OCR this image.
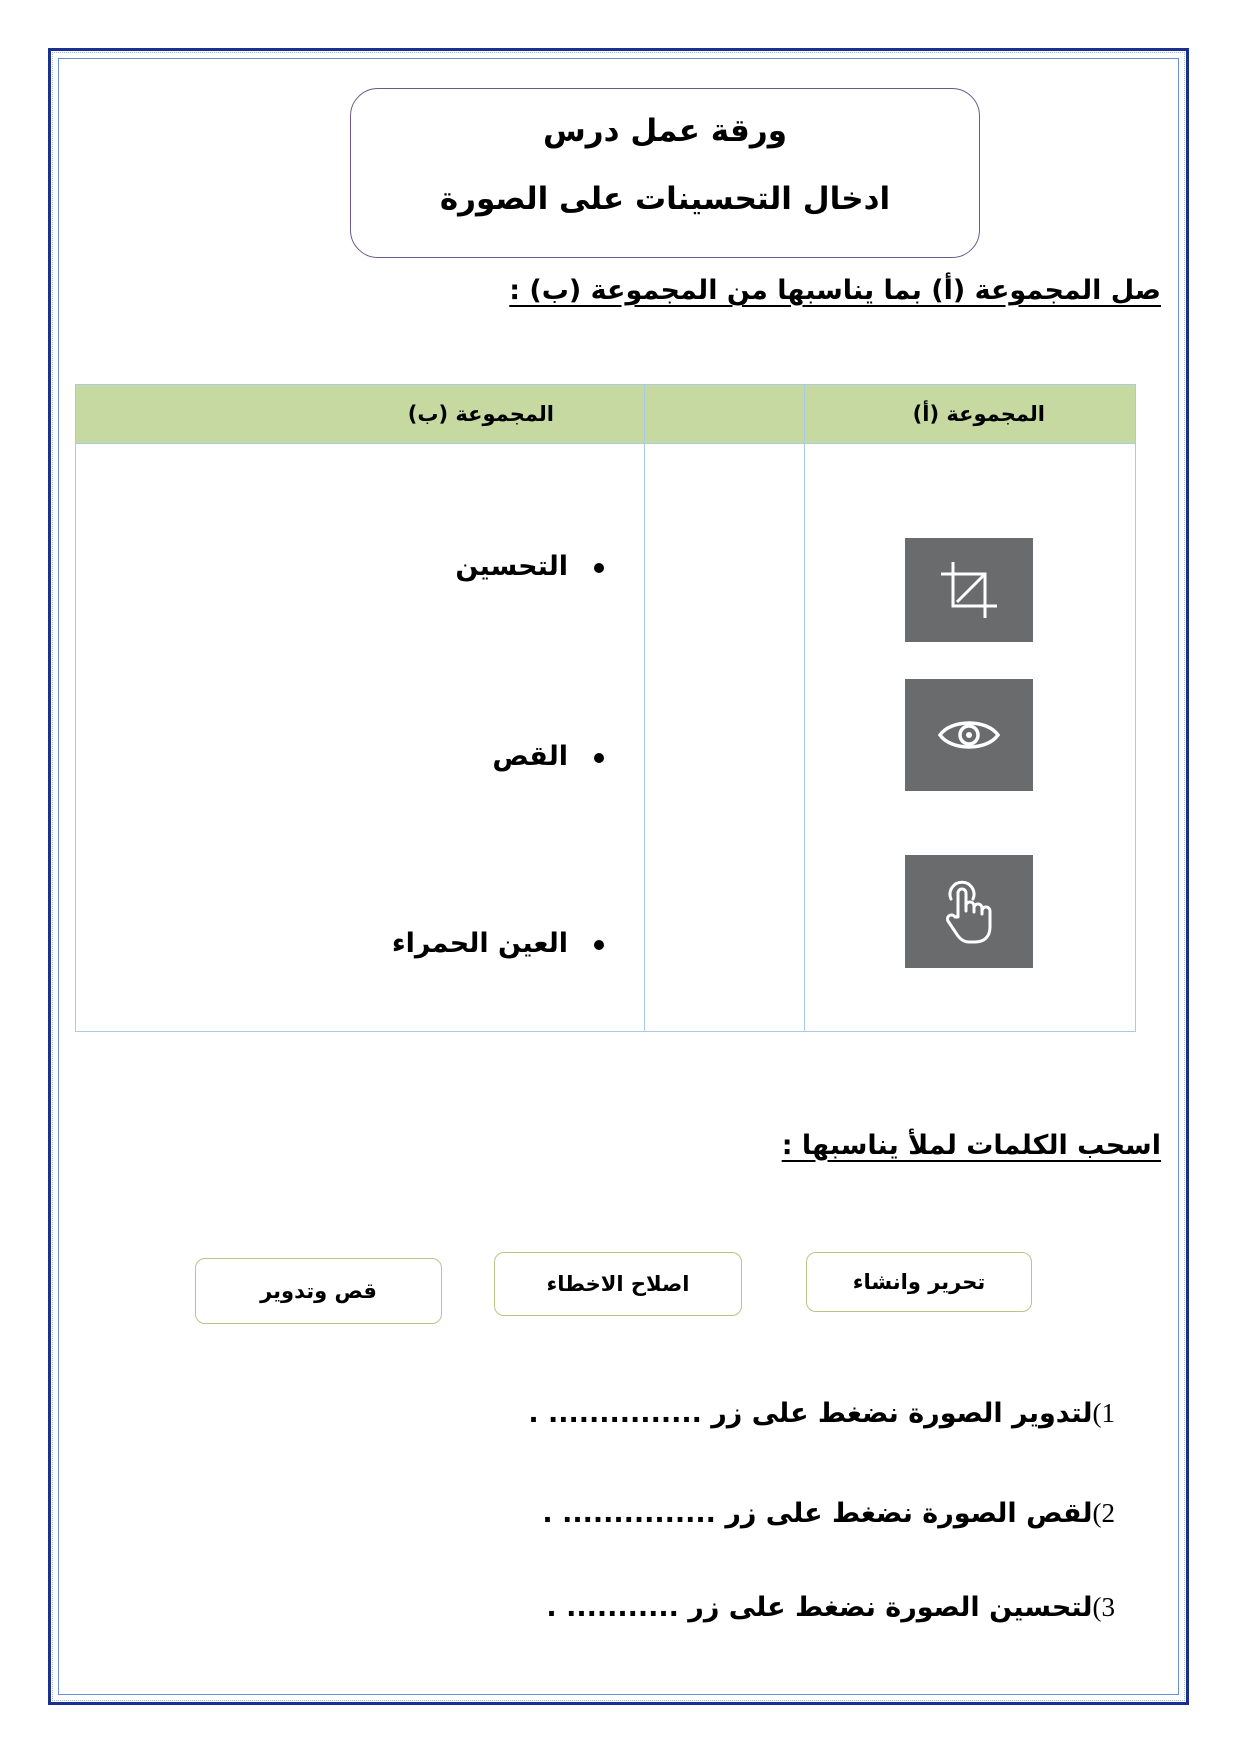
ورقة عمل درس
ادخال التحسينات على الصورة
صل المجموعة (أ) بما يناسبها من المجموعة (ب) :
المجموعة (أ)		المجموعة (ب)

التحسين
القص
العين الحمراء
اسحب الكلمات لملأ يناسبها :
تحرير وانشاء
اصلاح الاخطاء
قص وتدوير
1)لتدوير الصورة نضغط على زر ............... .
2)لقص الصورة نضغط على زر ............... .
3)لتحسين الصورة نضغط على زر ........... .
